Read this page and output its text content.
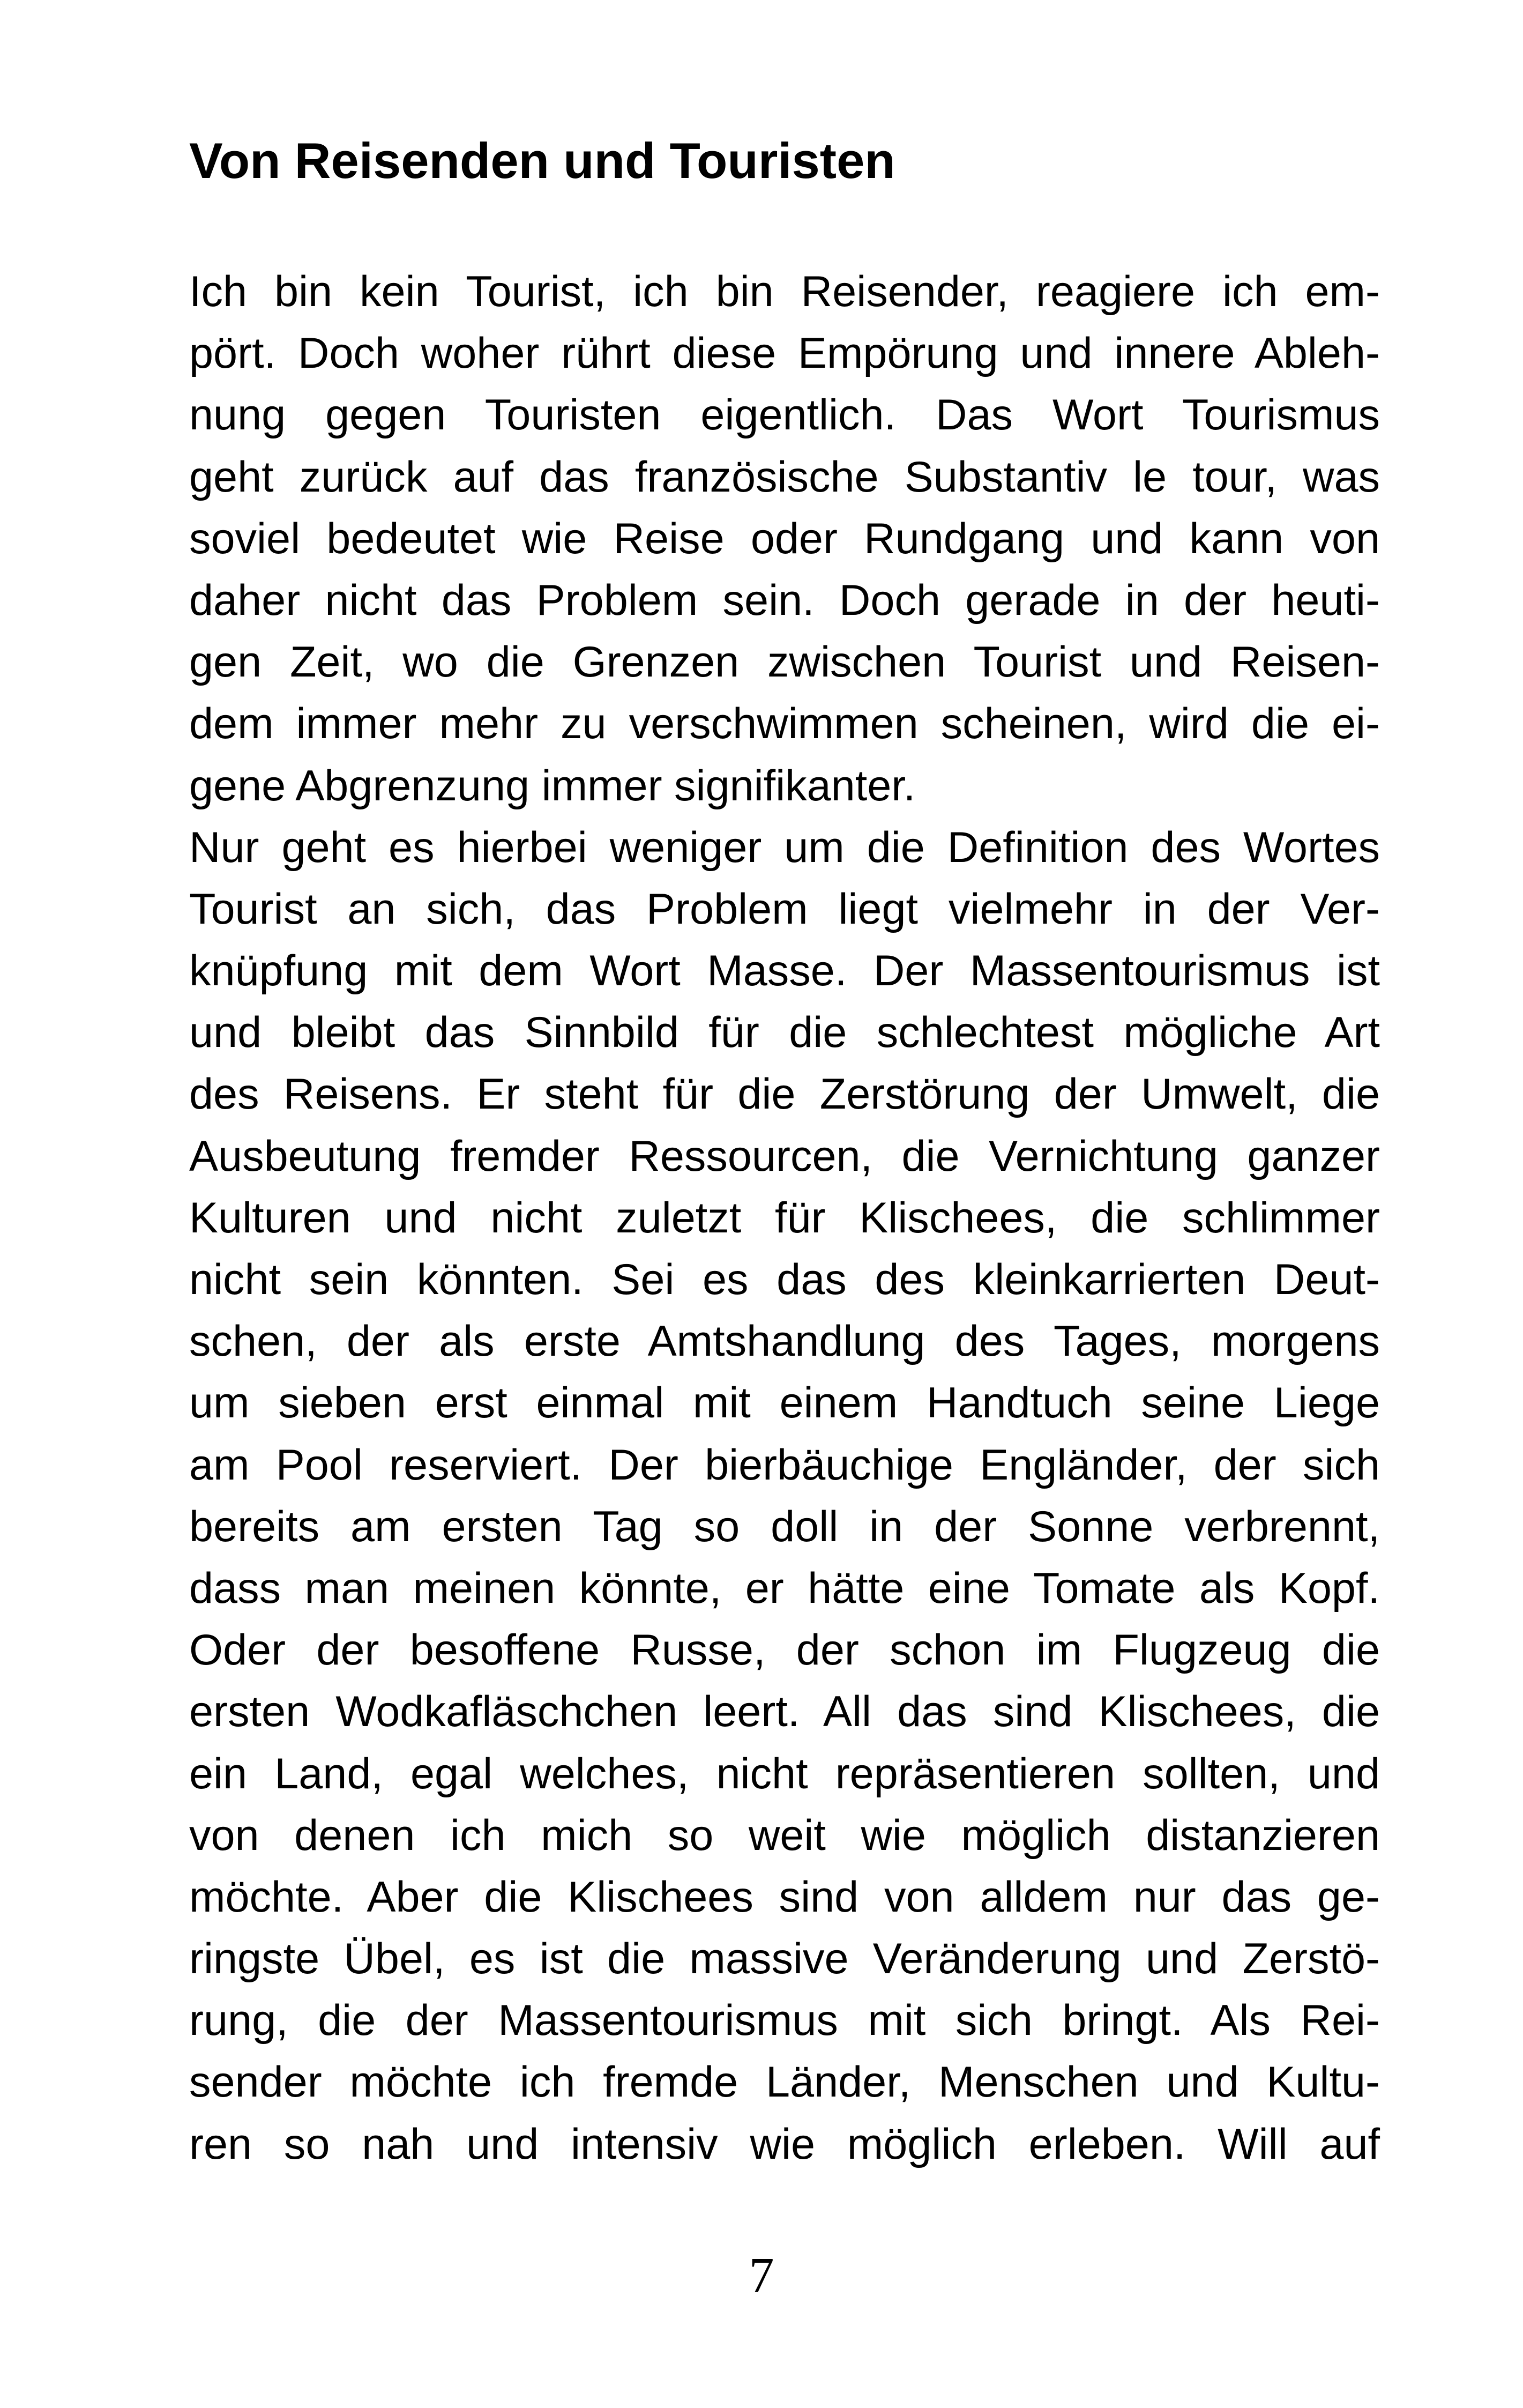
Von Reisenden und Touristen
Ich bin kein Tourist, ich bin Reisender, reagiere ich em-
pört. Doch woher rührt diese Empörung und innere Ableh-
nung gegen Touristen eigentlich. Das Wort Tourismus
geht zurück auf das französische Substantiv le tour, was
soviel bedeutet wie Reise oder Rundgang und kann von
daher nicht das Problem sein. Doch gerade in der heuti-
gen Zeit, wo die Grenzen zwischen Tourist und Reisen-
dem immer mehr zu verschwimmen scheinen, wird die ei-
gene Abgrenzung immer signifikanter.
Nur geht es hierbei weniger um die Definition des Wortes
Tourist an sich, das Problem liegt vielmehr in der Ver-
knüpfung mit dem Wort Masse. Der Massentourismus ist
und bleibt das Sinnbild für die schlechtest mögliche Art
des Reisens. Er steht für die Zerstörung der Umwelt, die
Ausbeutung fremder Ressourcen, die Vernichtung ganzer
Kulturen und nicht zuletzt für Klischees, die schlimmer
nicht sein könnten. Sei es das des kleinkarrierten Deut-
schen, der als erste Amtshandlung des Tages, morgens
um sieben erst einmal mit einem Handtuch seine Liege
am Pool reserviert. Der bierbäuchige Engländer, der sich
bereits am ersten Tag so doll in der Sonne verbrennt,
dass man meinen könnte, er hätte eine Tomate als Kopf.
Oder der besoffene Russe, der schon im Flugzeug die
ersten Wodkafläschchen leert. All das sind Klischees, die
ein Land, egal welches, nicht repräsentieren sollten, und
von denen ich mich so weit wie möglich distanzieren
möchte. Aber die Klischees sind von alldem nur das ge-
ringste Übel, es ist die massive Veränderung und Zerstö-
rung, die der Massentourismus mit sich bringt. Als Rei-
sender möchte ich fremde Länder, Menschen und Kultu-
ren so nah und intensiv wie möglich erleben. Will auf
7
